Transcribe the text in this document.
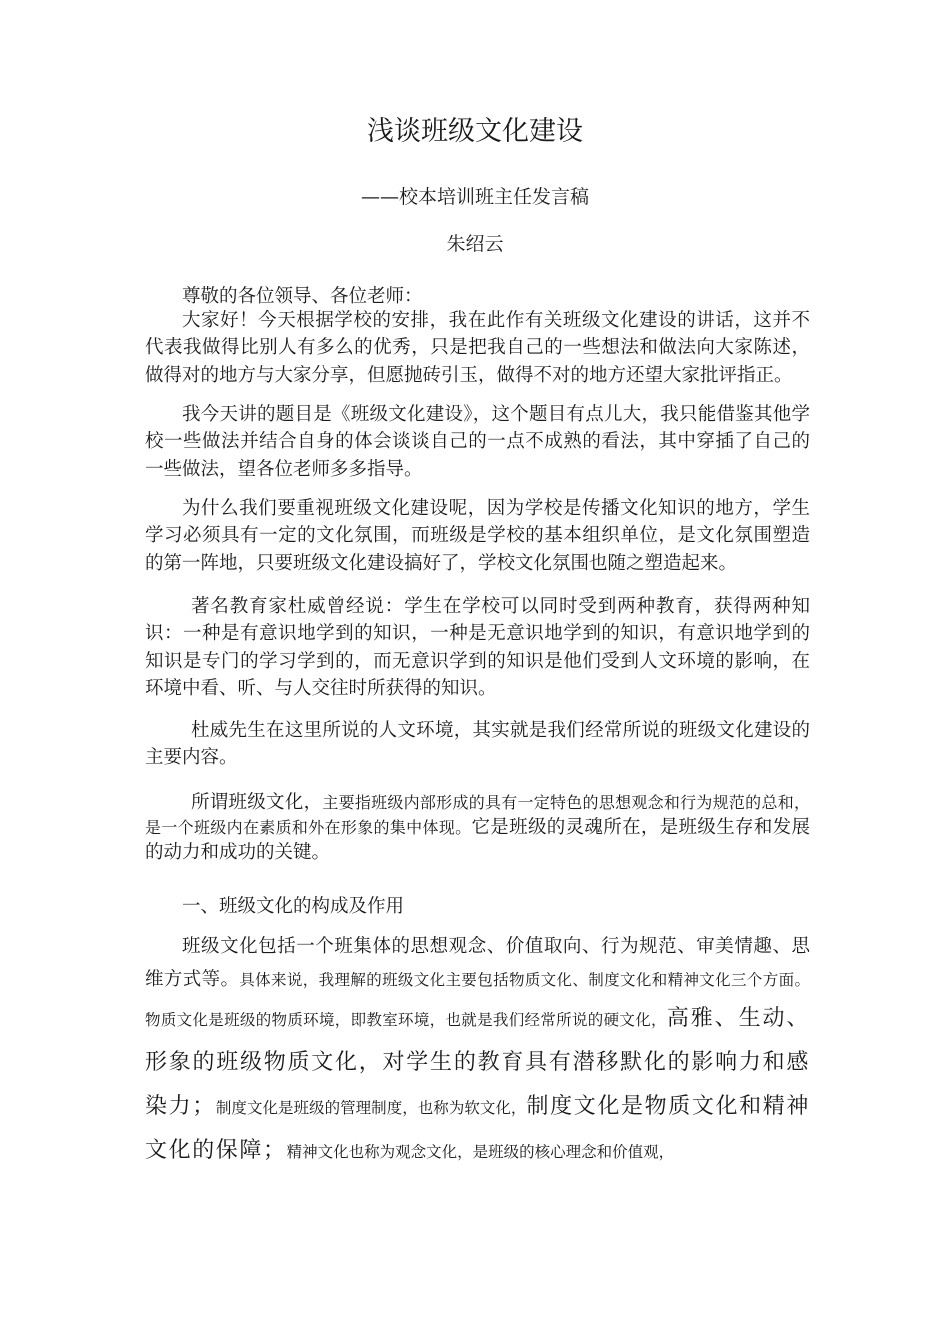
浅谈班级文化建设
——校本培训班主任发言稿
朱绍云
尊敬的各位领导、各位老师：
大家好！今天根据学校的安排，我在此作有关班级文化建设的讲话，这并不代表我做得比别人有多么的优秀，只是把我自己的一些想法和做法向大家陈述，做得对的地方与大家分享，但愿抛砖引玉，做得不对的地方还望大家批评指正。
我今天讲的题目是《班级文化建设》，这个题目有点儿大，我只能借鉴其他学校一些做法并结合自身的体会谈谈自己的一点不成熟的看法，其中穿插了自己的一些做法，望各位老师多多指导。
为什么我们要重视班级文化建设呢，因为学校是传播文化知识的地方，学生学习必须具有一定的文化氛围，而班级是学校的基本组织单位，是文化氛围塑造的第一阵地，只要班级文化建设搞好了，学校文化氛围也随之塑造起来。
著名教育家杜威曾经说：学生在学校可以同时受到两种教育，获得两种知识：一种是有意识地学到的知识，一种是无意识地学到的知识，有意识地学到的知识是专门的学习学到的，而无意识学到的知识是他们受到人文环境的影响，在环境中看、听、与人交往时所获得的知识。
杜威先生在这里所说的人文环境，其实就是我们经常所说的班级文化建设的主要内容。
所谓班级文化，主要指班级内部形成的具有一定特色的思想观念和行为规范的总和，是一个班级内在素质和外在形象的集中体现。它是班级的灵魂所在，是班级生存和发展的动力和成功的关键。
一、班级文化的构成及作用
班级文化包括一个班集体的思想观念、价值取向、行为规范、审美情趣、思维方式等。具体来说，我理解的班级文化主要包括物质文化、制度文化和精神文化三个方面。物质文化是班级的物质环境，即教室环境，也就是我们经常所说的硬文化，高雅、生动、形象的班级物质文化，对学生的教育具有潜移默化的影响力和感染力；制度文化是班级的管理制度，也称为软文化，制度文化是物质文化和精神文化的保障；精神文化也称为观念文化，是班级的核心理念和价值观，
